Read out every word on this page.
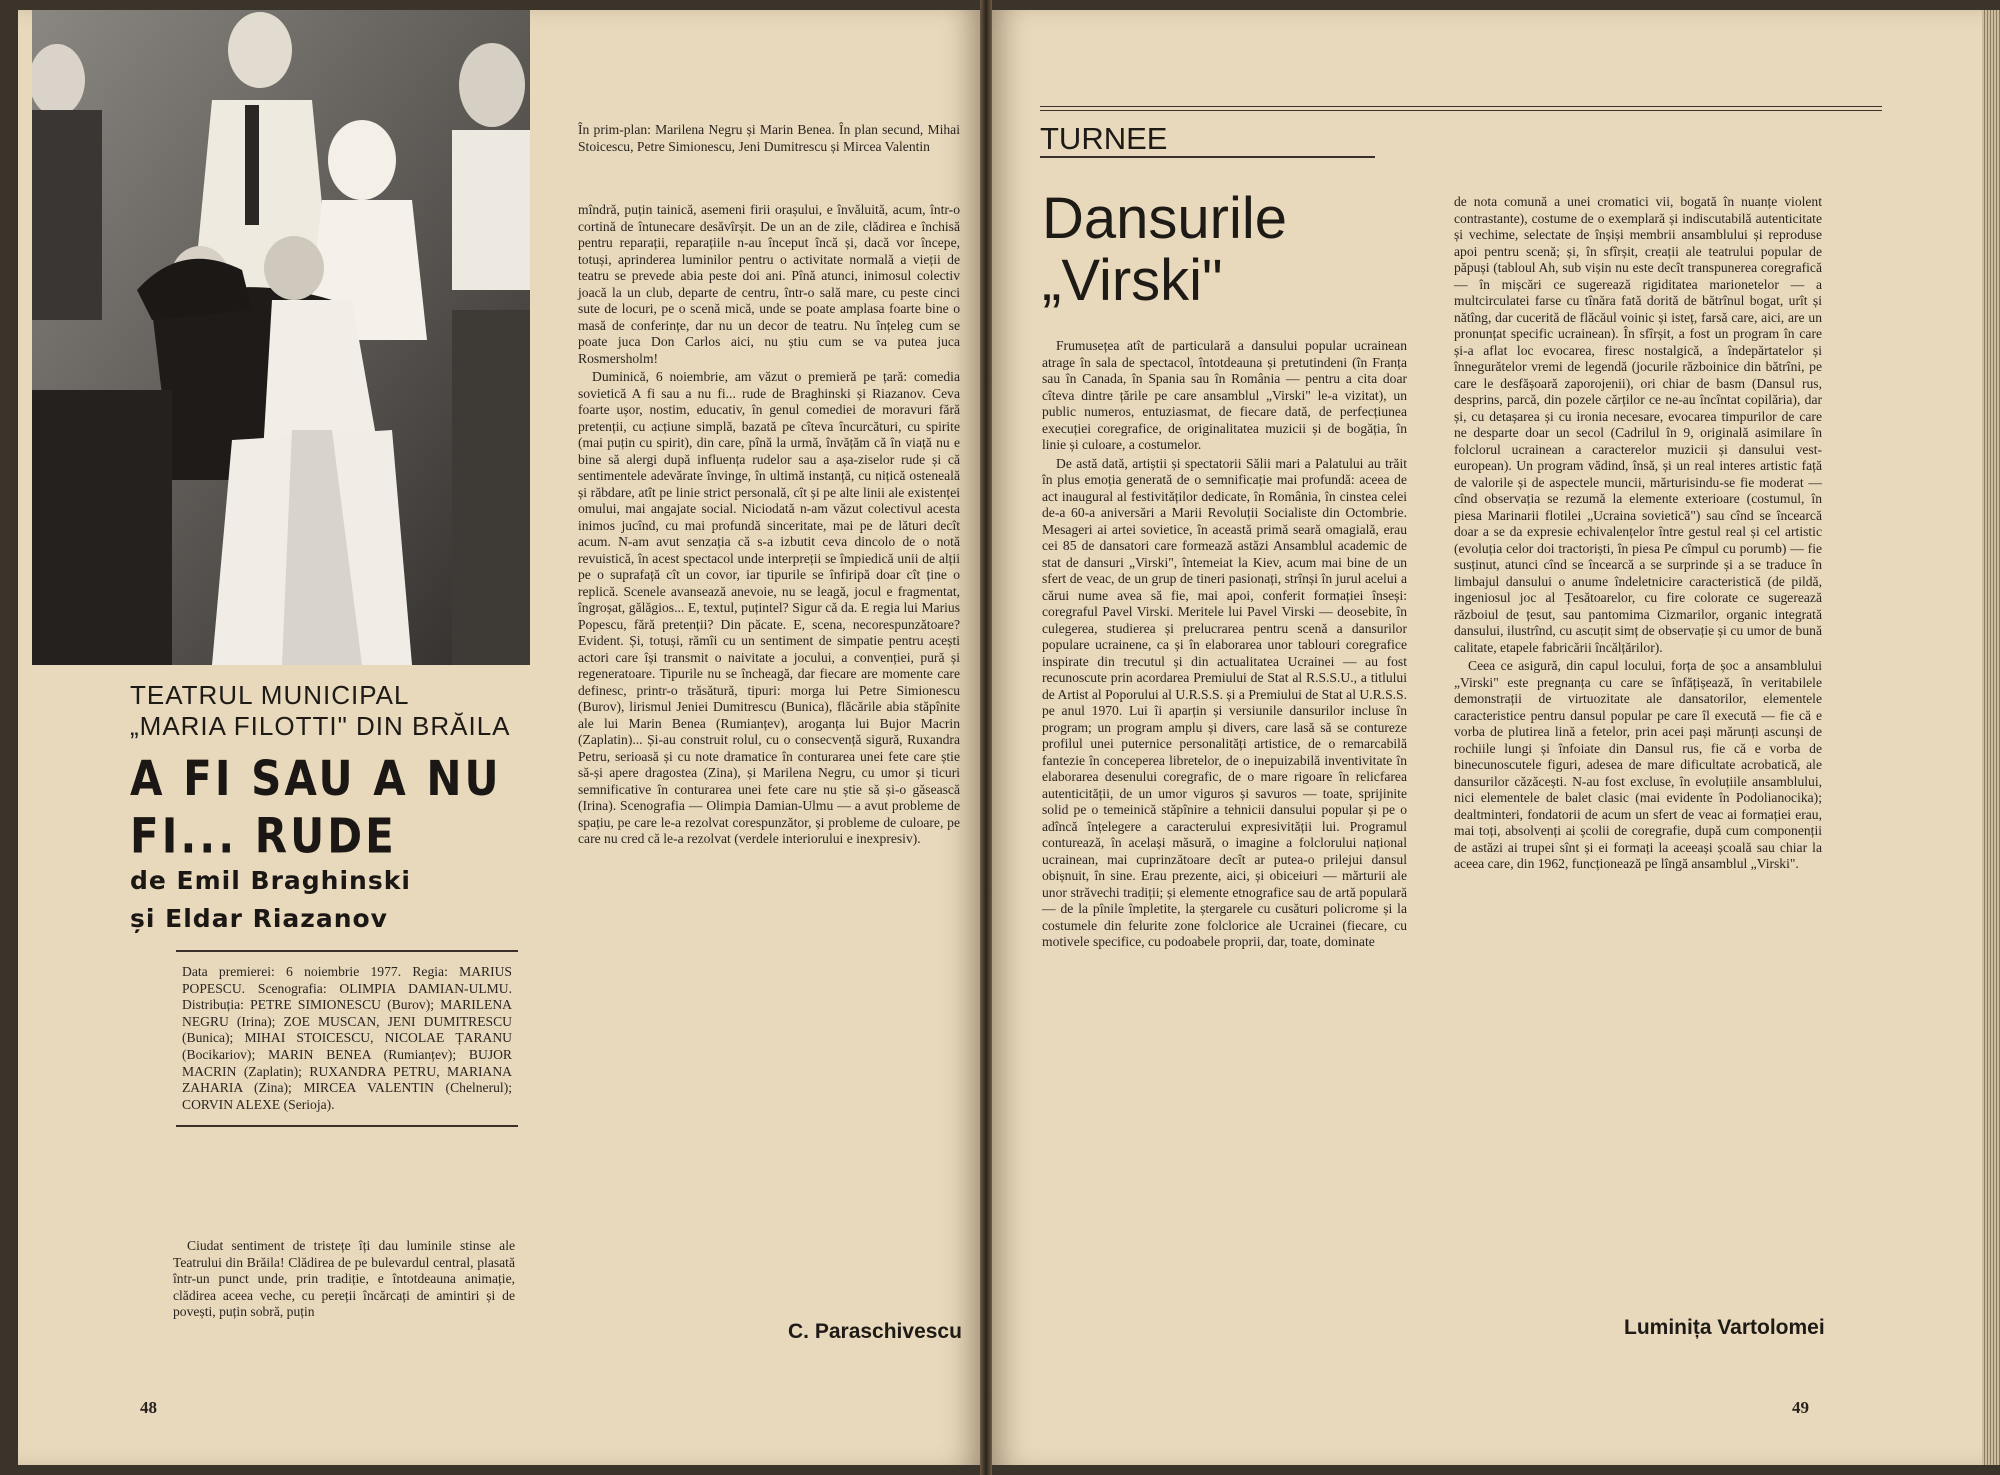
În prim-plan: Marilena Negru și Marin Benea. În plan secund, Mihai Stoicescu, Petre Simionescu, Jeni Dumitrescu și Mircea Valentin

mîndră, puțin tainică, asemeni firii orașului, e învăluită, acum, într-o cortină de întunecare desăvîrșit. De un an de zile, clădirea e închisă pentru reparații, reparațiile n-au început încă și, dacă vor începe, totuși, aprinderea luminilor pentru o activitate normală a vieții de teatru se prevede abia peste doi ani. Pînă atunci, inimosul colectiv joacă la un club, departe de centru, într-o sală mare, cu peste cinci sute de locuri, pe o scenă mică, unde se poate amplasa foarte bine o masă de conferințe, dar nu un decor de teatru. Nu înțeleg cum se poate juca Don Carlos aici, nu știu cum se va putea juca Rosmersholm!

Duminică, 6 noiembrie, am văzut o premieră pe țară: comedia sovietică A fi sau a nu fi... rude de Braghinski și Riazanov. Ceva foarte ușor, nostim, educativ, în genul comediei de moravuri fără pretenții, cu acțiune simplă, bazată pe cîteva încurcături, cu spirite (mai puțin cu spirit), din care, pînă la urmă, învățăm că în viață nu e bine să alergi după influența rudelor sau a așa-ziselor rude și că sentimentele adevărate învinge, în ultimă instanță, cu nițică osteneală și răbdare, atît pe linie strict personală, cît și pe alte linii ale existenței omului, mai angajate social. Niciodată n-am văzut colectivul acesta inimos jucînd, cu mai profundă sinceritate, mai pe de lături decît acum. N-am avut senzația că s-a izbutit ceva dincolo de o notă revuistică, în acest spectacol unde interpreții se împiedică unii de alții pe o suprafață cît un covor, iar tipurile se înfiripă doar cît ține o replică. Scenele avansează anevoie, nu se leagă, jocul e fragmentat, îngroșat, gălăgios... E, textul, puțintel? Sigur că da. E regia lui Marius Popescu, fără pretenții? Din păcate. E, scena, necorespunzătoare? Evident. Și, totuși, rămîi cu un sentiment de simpatie pentru acești actori care își transmit o naivitate a jocului, a convenției, pură și regeneratoare. Tipurile nu se încheagă, dar fiecare are momente care definesc, printr-o trăsătură, tipuri: morga lui Petre Simionescu (Burov), lirismul Jeniei Dumitrescu (Bunica), flăcările abia stăpînite ale lui Marin Benea (Rumianțev), aroganța lui Bujor Macrin (Zaplatin)... Și-au construit rolul, cu o consecvență sigură, Ruxandra Petru, serioasă și cu note dramatice în conturarea unei fete care știe să-și apere dragostea (Zina), și Marilena Negru, cu umor și ticuri semnificative în conturarea unei fete care nu știe să și-o găsească (Irina). Scenografia — Olimpia Damian-Ulmu — a avut probleme de spațiu, pe care le-a rezolvat corespunzător, și probleme de culoare, pe care nu cred că le-a rezolvat (verdele interiorului e inexpresiv).

TEATRUL MUNICIPAL
„MARIA FILOTTI" DIN BRĂILA
A FI SAU A NU FI... RUDE
de Emil Braghinski
și Eldar Riazanov
Data premierei: 6 noiembrie 1977. Regia: MARIUS POPESCU. Scenografia: OLIMPIA DAMIAN-ULMU. Distribuția: PETRE SIMIONESCU (Burov); MARILENA NEGRU (Irina); ZOE MUSCAN, JENI DUMITRESCU (Bunica); MIHAI STOICESCU, NICOLAE ȚARANU (Bocikariov); MARIN BENEA (Rumianțev); BUJOR MACRIN (Zaplatin); RUXANDRA PETRU, MARIANA ZAHARIA (Zina); MIRCEA VALENTIN (Chelnerul); CORVIN ALEXE (Serioja).

Ciudat sentiment de tristețe îți dau luminile stinse ale Teatrului din Brăila! Clădirea de pe bulevardul central, plasată într-un punct unde, prin tradiție, e întotdeauna animație, clădirea aceea veche, cu pereții încărcați de amintiri și de povești, puțin sobră, puțin

C. Paraschivescu
48
TURNEE
Dansurile
„Virski"

Frumusețea atît de particulară a dansului popular ucrainean atrage în sala de spectacol, întotdeauna și pretutindeni (în Franța sau în Canada, în Spania sau în România — pentru a cita doar cîteva dintre țările pe care ansamblul „Virski" le-a vizitat), un public numeros, entuziasmat, de fiecare dată, de perfecțiunea execuției coregrafice, de originalitatea muzicii și de bogăția, în linie și culoare, a costumelor.

De astă dată, artiștii și spectatorii Sălii mari a Palatului au trăit în plus emoția generată de o semnificație mai profundă: aceea de act inaugural al festivităților dedicate, în România, în cinstea celei de-a 60-a aniversări a Marii Revoluții Socialiste din Octombrie. Mesageri ai artei sovietice, în această primă seară omagială, erau cei 85 de dansatori care formează astăzi Ansamblul academic de stat de dansuri „Virski", întemeiat la Kiev, acum mai bine de un sfert de veac, de un grup de tineri pasionați, strînși în jurul acelui a cărui nume avea să fie, mai apoi, conferit formației înseși: coregraful Pavel Virski. Meritele lui Pavel Virski — deosebite, în culegerea, studierea și prelucrarea pentru scenă a dansurilor populare ucrainene, ca și în elaborarea unor tablouri coregrafice inspirate din trecutul și din actualitatea Ucrainei — au fost recunoscute prin acordarea Premiului de Stat al R.S.S.U., a titlului de Artist al Poporului al U.R.S.S. și a Premiului de Stat al U.R.S.S. pe anul 1970. Lui îi aparțin și versiunile dansurilor incluse în program; un program amplu și divers, care lasă să se contureze profilul unei puternice personalități artistice, de o remarcabilă fantezie în conceperea libretelor, de o inepuizabilă inventivitate în elaborarea desenului coregrafic, de o mare rigoare în relicfarea autenticității, de un umor viguros și savuros — toate, sprijinite solid pe o temeinică stăpînire a tehnicii dansului popular și pe o adîncă înțelegere a caracterului expresivității lui. Programul conturează, în același măsură, o imagine a folclorului național ucrainean, mai cuprinzătoare decît ar putea-o prilejui dansul obișnuit, în sine. Erau prezente, aici, și obiceiuri — mărturii ale unor străvechi tradiții; și elemente etnografice sau de artă populară — de la pînile împletite, la ștergarele cu cusături policrome și la costumele din felurite zone folclorice ale Ucrainei (fiecare, cu motivele specifice, cu podoabele proprii, dar, toate, dominate

de nota comună a unei cromatici vii, bogată în nuanțe violent contrastante), costume de o exemplară și indiscutabilă autenticitate și vechime, selectate de înșiși membrii ansamblului și reproduse apoi pentru scenă; și, în sfîrșit, creații ale teatrului popular de păpuși (tabloul Ah, sub vișin nu este decît transpunerea coregrafică — în mișcări ce sugerează rigiditatea marionetelor — a multcirculatei farse cu tînăra fată dorită de bătrînul bogat, urît și nătîng, dar cucerită de flăcăul voinic și isteț, farsă care, aici, are un pronunțat specific ucrainean). În sfîrșit, a fost un program în care și-a aflat loc evocarea, firesc nostalgică, a îndepărtatelor și înnegurătelor vremi de legendă (jocurile războinice din bătrîni, pe care le desfășoară zaporojenii), ori chiar de basm (Dansul rus, desprins, parcă, din pozele cărților ce ne-au încîntat copilăria), dar și, cu detașarea și cu ironia necesare, evocarea timpurilor de care ne desparte doar un secol (Cadrilul în 9, originală asimilare în folclorul ucrainean a caracterelor muzicii și dansului vest-european). Un program vădind, însă, și un real interes artistic față de valorile și de aspectele muncii, mărturisindu-se fie moderat — cînd observația se rezumă la elemente exterioare (costumul, în piesa Marinarii flotilei „Ucraina sovietică") sau cînd se încearcă doar a se da expresie echivalențelor între gestul real și cel artistic (evoluția celor doi tractoriști, în piesa Pe cîmpul cu porumb) — fie susținut, atunci cînd se încearcă a se surprinde și a se traduce în limbajul dansului o anume îndeletnicire caracteristică (de pildă, ingeniosul joc al Țesătoarelor, cu fire colorate ce sugerează războiul de țesut, sau pantomima Cizmarilor, organic integrată dansului, ilustrînd, cu ascuțit simț de observație și cu umor de bună calitate, etapele fabricării încălțărilor).

Ceea ce asigură, din capul locului, forța de șoc a ansamblului „Virski" este pregnanța cu care se înfățișează, în veritabilele demonstrații de virtuozitate ale dansatorilor, elementele caracteristice pentru dansul popular pe care îl execută — fie că e vorba de plutirea lină a fetelor, prin acei pași mărunți ascunși de rochiile lungi și înfoiate din Dansul rus, fie că e vorba de binecunoscutele figuri, adesea de mare dificultate acrobatică, ale dansurilor căzăcești. N-au fost excluse, în evoluțiile ansamblului, nici elementele de balet clasic (mai evidente în Podolianocika); dealtminteri, fondatorii de acum un sfert de veac ai formației erau, mai toți, absolvenți ai școlii de coregrafie, după cum componenții de astăzi ai trupei sînt și ei formați la aceeași școală sau chiar la aceea care, din 1962, funcționează pe lîngă ansamblul „Virski".

Luminița Vartolomei
49
